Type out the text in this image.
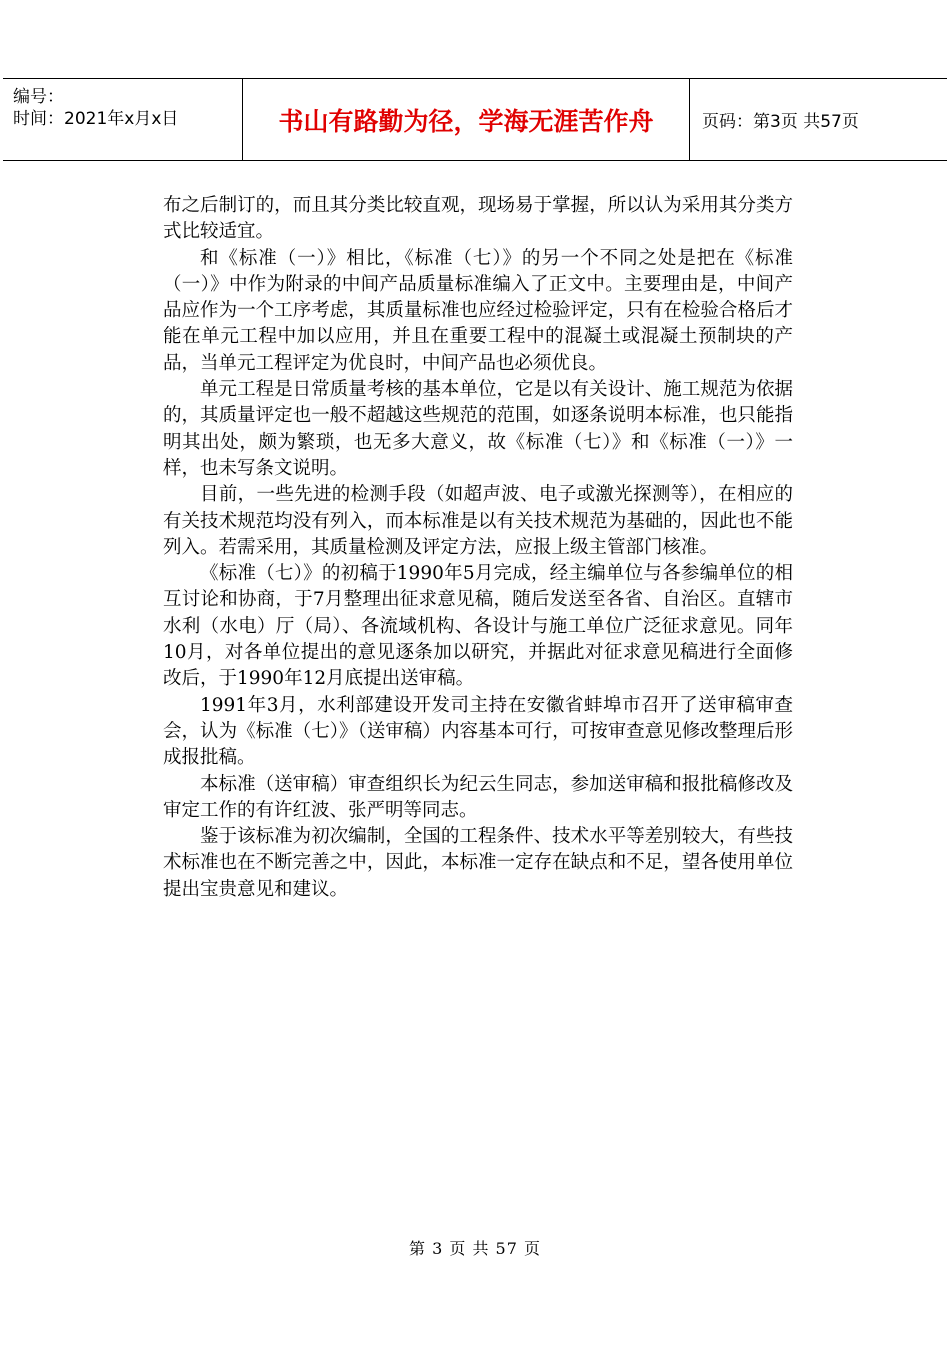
编号：
时间：2021年x月x日	书山有路勤为径，学海无涯苦作舟	页码：第3页 共57页

布之后制订的，而且其分类比较直观，现场易于掌握，所以认为采用其分类方式比较适宜。

和《标准（一）》相比，《标准（七）》的另一个不同之处是把在《标准（一）》中作为附录的中间产品质量标准编入了正文中。主要理由是，中间产品应作为一个工序考虑，其质量标准也应经过检验评定，只有在检验合格后才能在单元工程中加以应用，并且在重要工程中的混凝土或混凝土预制块的产品，当单元工程评定为优良时，中间产品也必须优良。

单元工程是日常质量考核的基本单位，它是以有关设计、施工规范为依据的，其质量评定也一般不超越这些规范的范围，如逐条说明本标准，也只能指明其出处，颇为繁琐，也无多大意义，故《标准（七）》和《标准（一）》一样，也未写条文说明。

目前，一些先进的检测手段（如超声波、电子或激光探测等），在相应的有关技术规范均没有列入，而本标准是以有关技术规范为基础的，因此也不能列入。若需采用，其质量检测及评定方法，应报上级主管部门核准。

《标准（七）》的初稿于1990年5月完成，经主编单位与各参编单位的相互讨论和协商，于7月整理出征求意见稿，随后发送至各省、自治区。直辖市水利（水电）厅（局）、各流域机构、各设计与施工单位广泛征求意见。同年10月，对各单位提出的意见逐条加以研究，并据此对征求意见稿进行全面修改后，于1990年12月底提出送审稿。

1991年3月，水利部建设开发司主持在安徽省蚌埠市召开了送审稿审查会，认为《标准（七）》（送审稿）内容基本可行，可按审查意见修改整理后形成报批稿。

本标准（送审稿）审查组织长为纪云生同志，参加送审稿和报批稿修改及审定工作的有许红波、张严明等同志。

鉴于该标准为初次编制，全国的工程条件、技术水平等差别较大，有些技术标准也在不断完善之中，因此，本标准一定存在缺点和不足，望各使用单位提出宝贵意见和建议。

第 3 页 共 57 页
